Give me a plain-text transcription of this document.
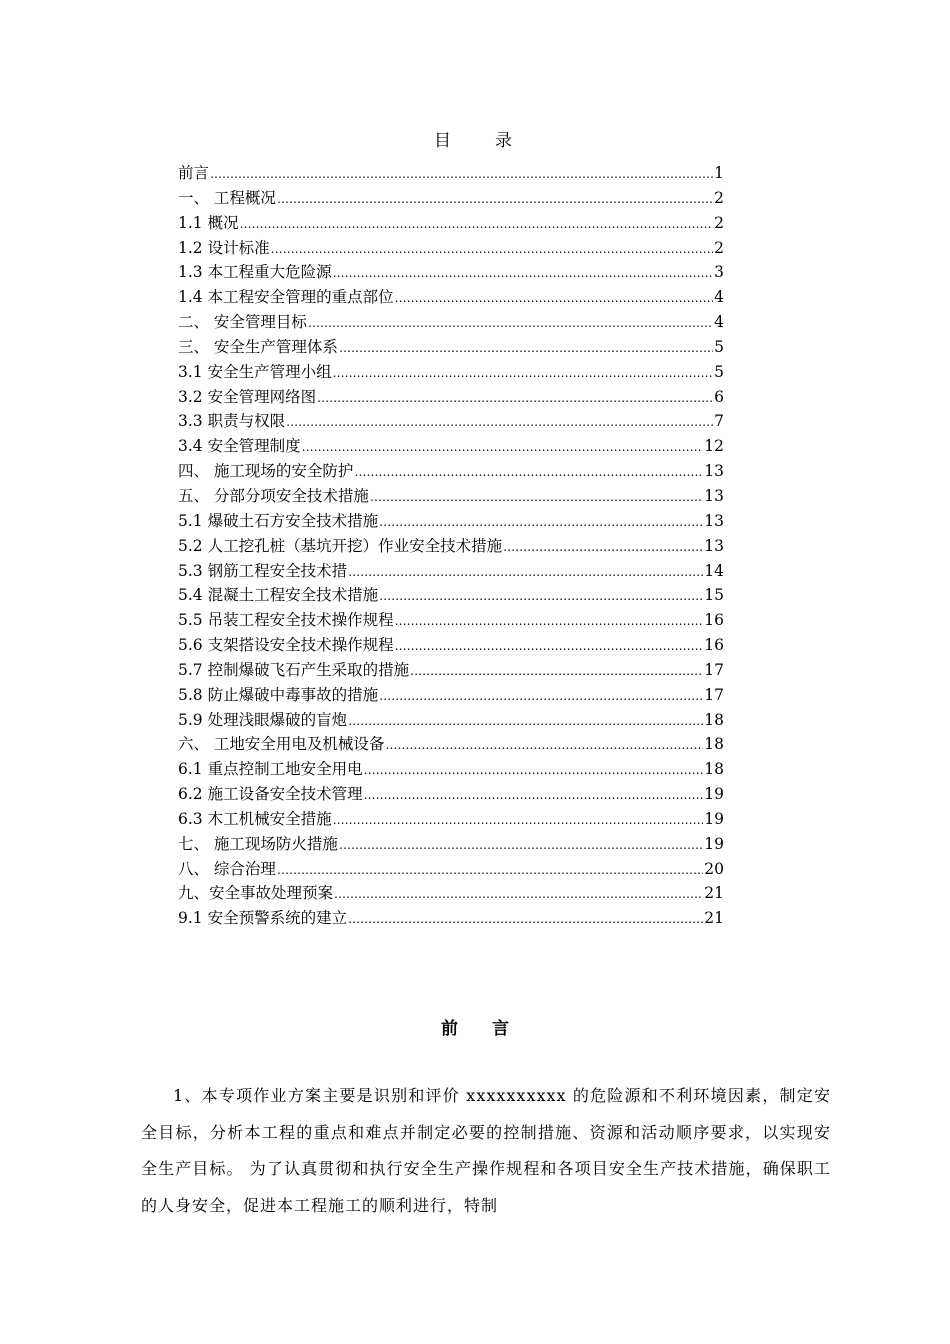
目 录
前言 ………………………………………………………………………………………………………………………………………………………………	1
一、 工程概况 ………………………………………………………………………………………………………………………………………………………………	2
1.1 概况 ………………………………………………………………………………………………………………………………………………………………	2
1.2 设计标准 ………………………………………………………………………………………………………………………………………………………………	2
1.3 本工程重大危险源 ………………………………………………………………………………………………………………………………………………………………	3
1.4 本工程安全管理的重点部位 ………………………………………………………………………………………………………………………………………………………………	4
二、 安全管理目标 ………………………………………………………………………………………………………………………………………………………………	4
三、 安全生产管理体系 ………………………………………………………………………………………………………………………………………………………………	5
3.1 安全生产管理小组 ………………………………………………………………………………………………………………………………………………………………	5
3.2 安全管理网络图 ………………………………………………………………………………………………………………………………………………………………	6
3.3 职责与权限 ………………………………………………………………………………………………………………………………………………………………	7
3.4 安全管理制度 ………………………………………………………………………………………………………………………………………………………………	12
四、 施工现场的安全防护 ………………………………………………………………………………………………………………………………………………………………	13
五、 分部分项安全技术措施 ………………………………………………………………………………………………………………………………………………………………	13
5.1 爆破土石方安全技术措施 ………………………………………………………………………………………………………………………………………………………………	13
5.2 人工挖孔桩（基坑开挖）作业安全技术措施 ………………………………………………………………………………………………………………………………………………………………	13
5.3 钢筋工程安全技术措 ………………………………………………………………………………………………………………………………………………………………	14
5.4 混凝土工程安全技术措施 ………………………………………………………………………………………………………………………………………………………………	15
5.5 吊装工程安全技术操作规程 ………………………………………………………………………………………………………………………………………………………………	16
5.6 支架搭设安全技术操作规程 ………………………………………………………………………………………………………………………………………………………………	16
5.7 控制爆破飞石产生采取的措施 ………………………………………………………………………………………………………………………………………………………………	17
5.8 防止爆破中毒事故的措施 ………………………………………………………………………………………………………………………………………………………………	17
5.9 处理浅眼爆破的盲炮 ………………………………………………………………………………………………………………………………………………………………	18
六、 工地安全用电及机械设备 ………………………………………………………………………………………………………………………………………………………………	18
6.1 重点控制工地安全用电 ………………………………………………………………………………………………………………………………………………………………	18
6.2 施工设备安全技术管理 ………………………………………………………………………………………………………………………………………………………………	19
6.3 木工机械安全措施 ………………………………………………………………………………………………………………………………………………………………	19
七、 施工现场防火措施 ………………………………………………………………………………………………………………………………………………………………	19
八、 综合治理 ………………………………………………………………………………………………………………………………………………………………	20
九、安全事故处理预案 ………………………………………………………………………………………………………………………………………………………………	21
9.1 安全预警系统的建立 ………………………………………………………………………………………………………………………………………………………………	21
前 言

1、本专项作业方案主要是识别和评价 xxxxxxxxxx 的危险源和不利环境因素，制定安全目标，分析本工程的重点和难点并制定必要的控制措施、资源和活动顺序要求，以实现安全生产目标。 为了认真贯彻和执行安全生产操作规程和各项目安全生产技术措施，确保职工的人身安全，促进本工程施工的顺利进行，特制
